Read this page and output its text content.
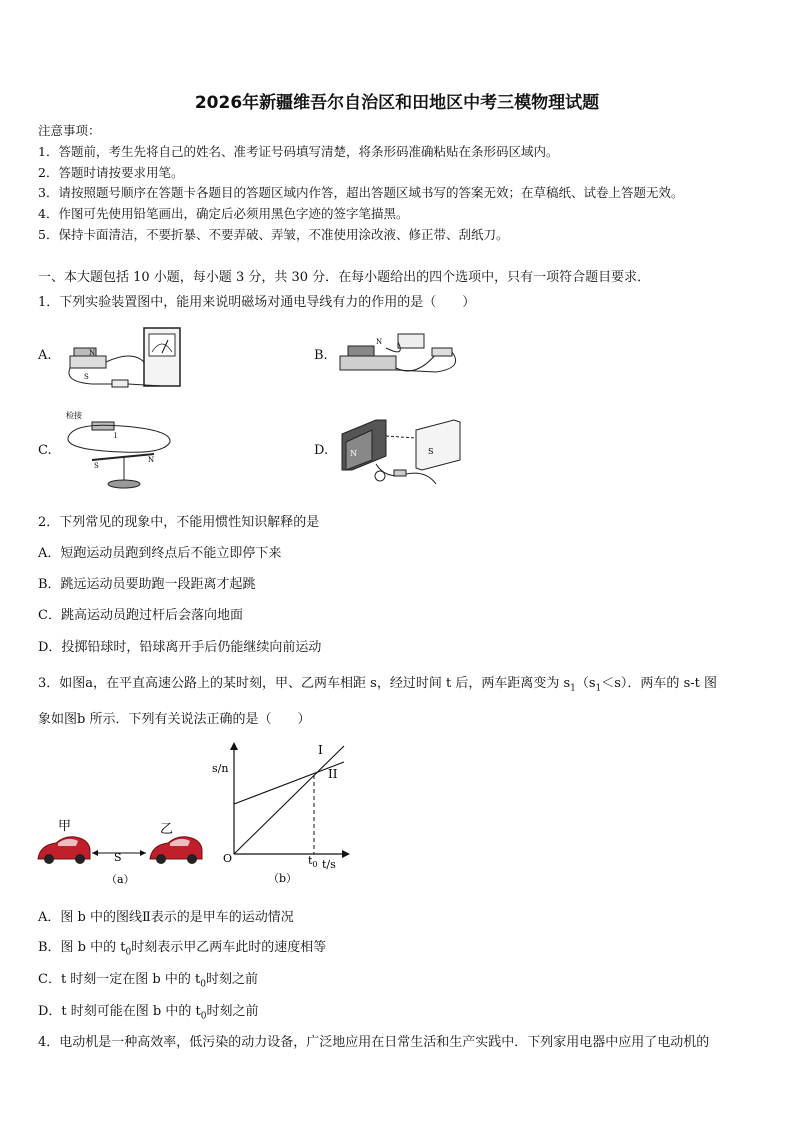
2026年新疆维吾尔自治区和田地区中考三模物理试题
注意事项：
1．答题前，考生先将自己的姓名、准考证号码填写清楚，将条形码准确粘贴在条形码区域内。
2．答题时请按要求用笔。
3．请按照题号顺序在答题卡各题目的答题区域内作答，超出答题区域书写的答案无效；在草稿纸、试卷上答题无效。
4．作图可先使用铅笔画出，确定后必须用黑色字迹的签字笔描黑。
5．保持卡面清洁，不要折暴、不要弄破、弄皱，不准使用涂改液、修正带、刮纸刀。
一、本大题包括 10 小题，每小题 3 分，共 30 分．在每小题给出的四个选项中，只有一项符合题目要求．
1．下列实验装置图中，能用来说明磁场对通电导线有力的作用的是（　　）
A.	N
S
B.
N
C.
检接
I
S
N
D.	N	S
2．下列常见的现象中，不能用惯性知识解释的是
A．短跑运动员跑到终点后不能立即停下来
B．跳远运动员要助跑一段距离才起跳
C．跳高运动员跑过杆后会落向地面
D．投掷铅球时，铅球离开手后仍能继续向前运动
3．如图a，在平直高速公路上的某时刻，甲、乙两车相距 s，经过时间 t 后，两车距离变为 $s_1(s_1<s)$．两车的 s-t 图
象如图b 所示．下列有关说法正确的是（　　）
甲	乙
S
（a）
s/n
t/s
O
I
II
$t_0$
（b）
A．图 b 中的图线Ⅱ表示的是甲车的运动情况
B．图 b 中的 $t_0$时刻表示甲乙两车此时的速度相等
C．t 时刻一定在图 b 中的 $t_0$时刻之前
D．t 时刻可能在图 b 中的 $t_0$时刻之前
4．电动机是一种高效率，低污染的动力设备，广泛地应用在日常生活和生产实践中．下列家用电器中应用了电动机的
